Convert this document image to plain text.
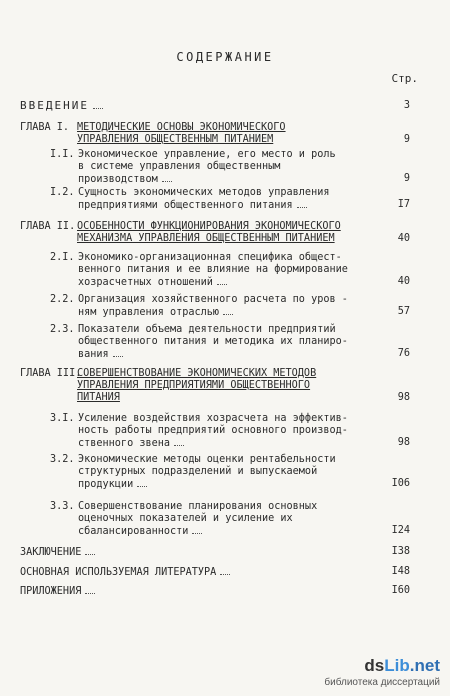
СОДЕРЖАНИЕ
Стр.
ВВЕДЕНИЕ	3
ГЛАВА I. МЕТОДИЧЕСКИЕ ОСНОВЫ ЭКОНОМИЧЕСКОГО
УПРАВЛЕНИЯ ОБЩЕСТВЕННЫМ ПИТАНИЕМ	9
I.I. Экономическое управление, его место и роль
в системе управления общественным
производством	9
I.2. Сущность экономических методов управления
предприятиями общественного питания	I7
ГЛАВА II. ОСОБЕННОСТИ ФУНКЦИОНИРОВАНИЯ ЭКОНОМИЧЕСКОГО
МЕХАНИЗМА УПРАВЛЕНИЯ ОБЩЕСТВЕННЫМ ПИТАНИЕМ	40
2.I. Экономико-организационная специфика общест-
венного питания и ее влияние на формирование
хозрасчетных отношений	40
2.2. Организация хозяйственного расчета по уров -
ням управления отраслью	57
2.3. Показатели объема деятельности предприятий
общественного питания и методика их планиро-
вания	76
ГЛАВА III.
СОВЕРШЕНСТВОВАНИЕ ЭКОНОМИЧЕСКИХ МЕТОДОВ
УПРАВЛЕНИЯ ПРЕДПРИЯТИЯМИ ОБЩЕСТВЕННОГО
ПИТАНИЯ	98
3.I. Усиление воздействия хозрасчета на эффектив-
ность работы предприятий основного производ-
ственного звена	98
3.2. Экономические методы оценки рентабельности
структурных подразделений и выпускаемой
продукции	I06
3.3. Совершенствование планирования основных
оценочных показателей и усиление их
сбалансированности	I24
ЗАКЛЮЧЕНИЕ	I38
ОСНОВНАЯ ИСПОЛЬЗУЕМАЯ ЛИТЕРАТУРА	I48
ПРИЛОЖЕНИЯ	I60
dsLib.net
библиотека диссертаций
